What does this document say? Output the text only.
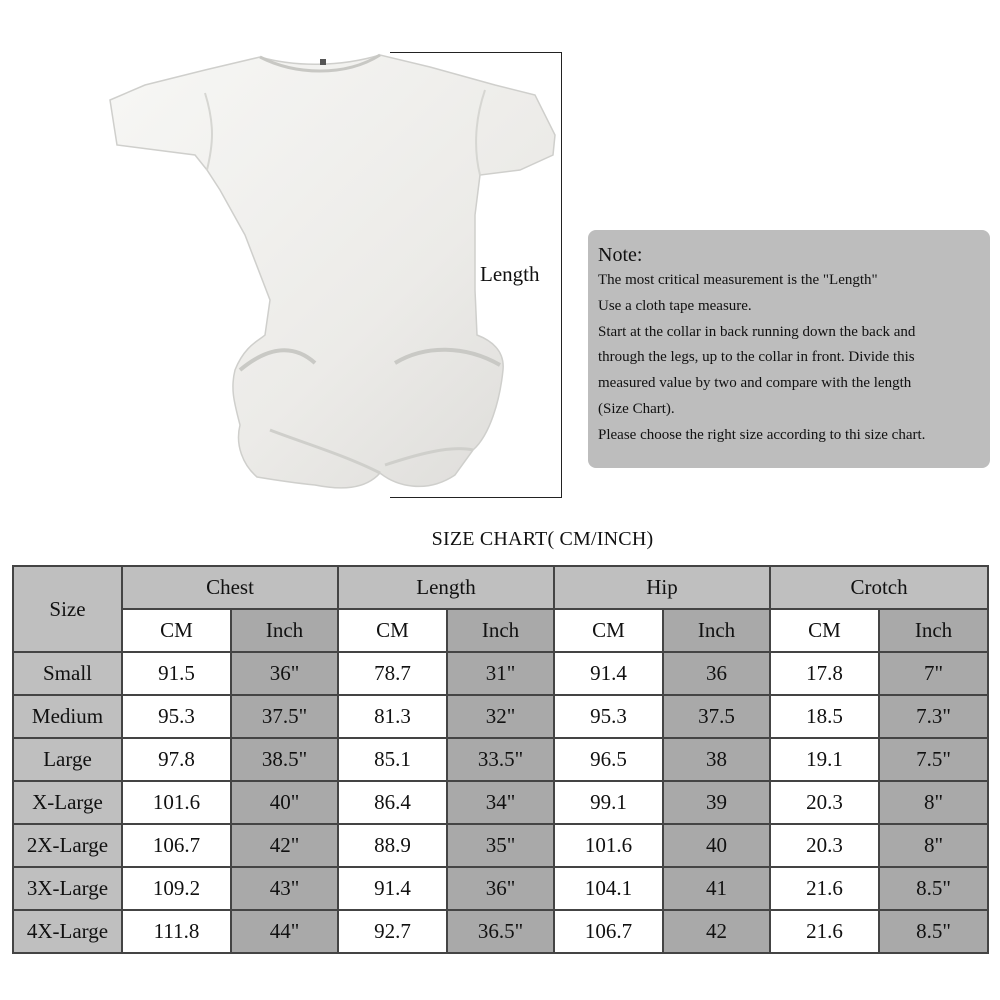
Length
Note:
The most critical measurement is the "Length"
Use a cloth tape measure.
Start at the collar in back running down the back and
through the legs, up to the collar in front. Divide this
measured value by two and compare with the length
(Size Chart).
Please choose the right size according to thi size chart.
SIZE CHART( CM/INCH)
Size	Chest		Length		Hip		Crotch	
	CM	Inch	CM	Inch	CM	Inch	CM	Inch
Small	91.5	36"	78.7	31"	91.4	36	17.8	7"
Medium	95.3	37.5"	81.3	32"	95.3	37.5	18.5	7.3"
Large	97.8	38.5"	85.1	33.5"	96.5	38	19.1	7.5"
X-Large	101.6	40"	86.4	34"	99.1	39	20.3	8"
2X-Large	106.7	42"	88.9	35"	101.6	40	20.3	8"
3X-Large	109.2	43"	91.4	36"	104.1	41	21.6	8.5"
4X-Large	111.8	44"	92.7	36.5"	106.7	42	21.6	8.5"
